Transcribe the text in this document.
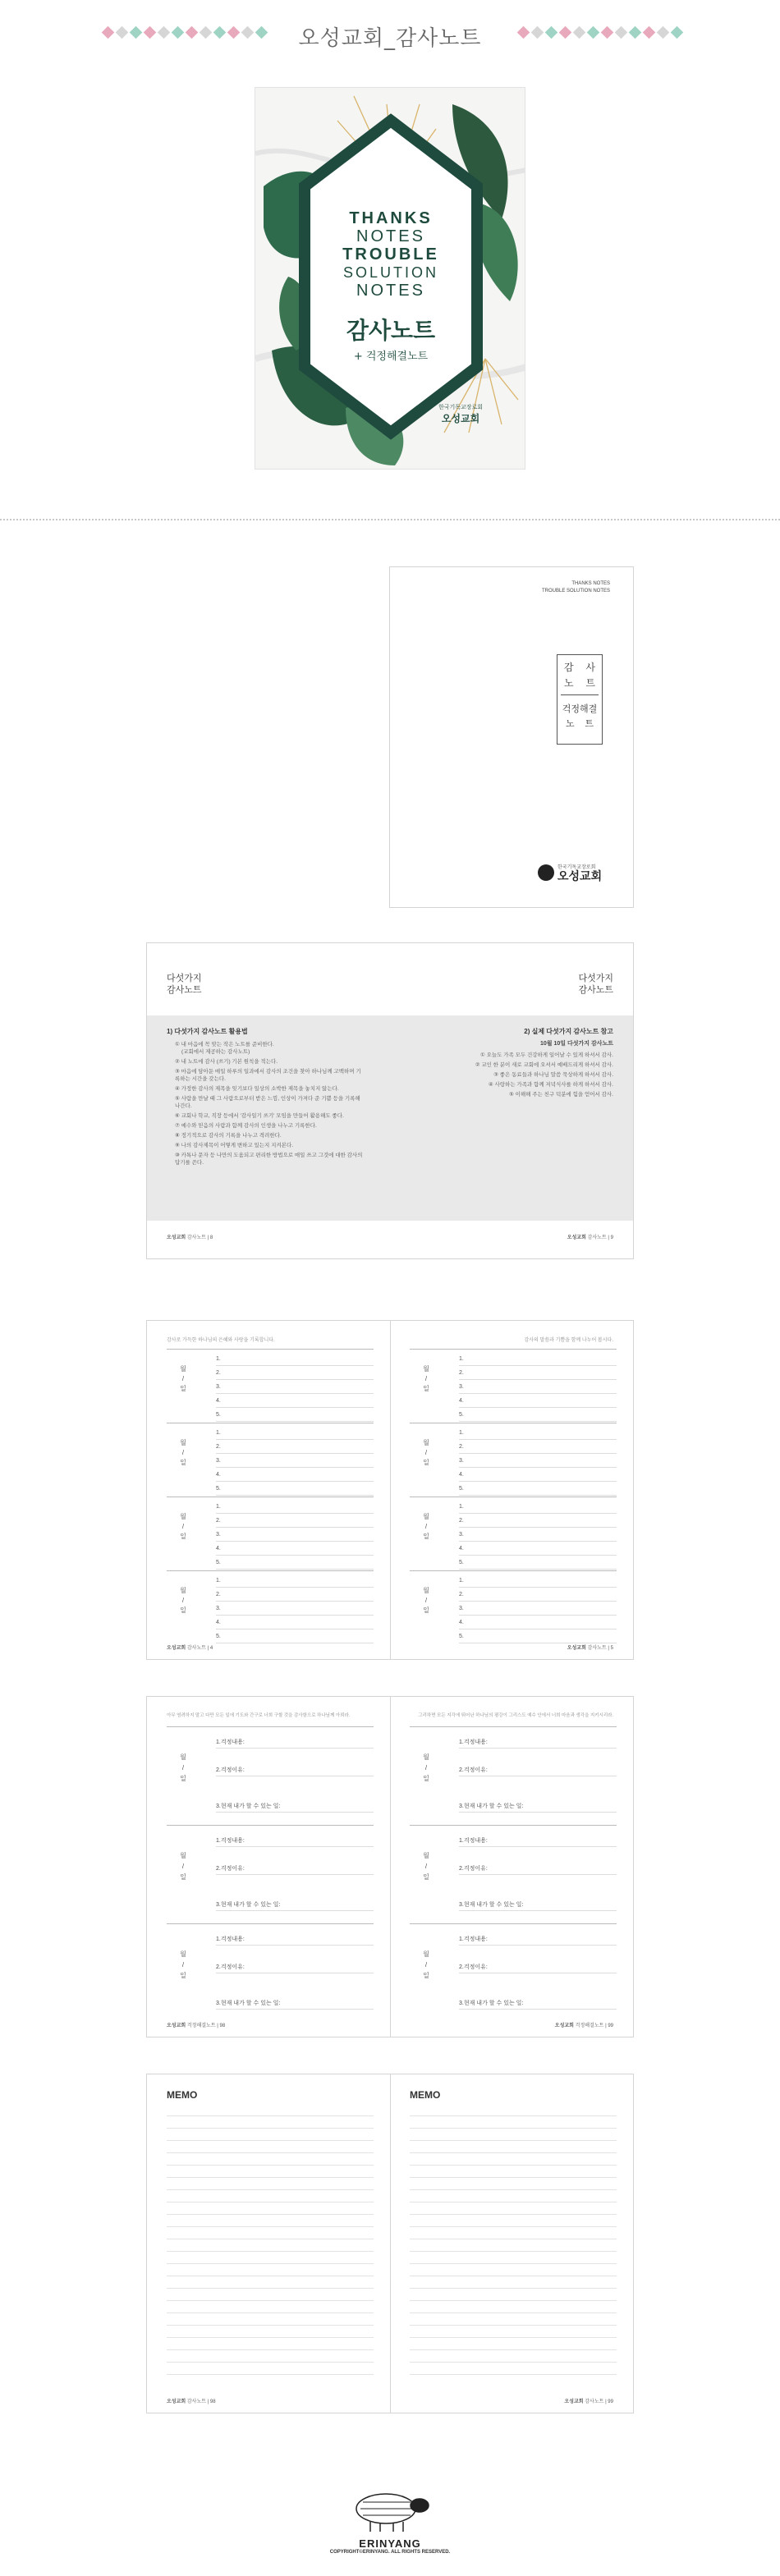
오성교회_감사노트
THANKS
NOTES
TROUBLE
SOLUTION
NOTES
감사노트
+ 걱정해결노트
한국기독교장로회
오성교회
THANKS NOTES
TROUBLE SOLUTION NOTES
감 사
노 트
걱정해결
노 트
한국기독교장로회
오성교회
다섯가지
감사노트
다섯가지
감사노트
1) 다섯가지 감사노트 활용법
① 내 마음에 꼭 맞는 작은 노트를 준비한다.
(교회에서 제공하는 감사노트)
② 내 노트에 감사 (쓰기) 기본 원칙을 적는다.
③ 마음에 담아둔 매일 하루의 일과에서 감사의 조건을 찾아 하나님께 고백하며 기록하는 시간을 갖는다.
④ 가정한 감사의 제목을 잊기보다 일상의 소박한 제목을 놓치지 않는다.
⑤ 사람을 만날 때 그 사람으로부터 받은 느낌, 인상이 가져다 준 기쁨 등을 기록해 나간다.
⑥ 교회나 학교, 직장 등에서 '감사일기 쓰기' 모임을 만들어 활용해도 좋다.
⑦ 예수와 믿음의 사람과 함께 감사의 인생을 나누고 기록한다.
⑧ 정기적으로 감사의 기록을 나누고 격려한다.
⑨ 나의 감사제목이 어떻게 변하고 있는지 지켜본다.
⑩ 카톡나 문자 등 나만의 도움되고 편리한 방법으로 매일 쓰고 그것에 대한 감사의 답기를 쓴다.
2) 실제 다섯가지 감사노트 참고
10월 10일 다섯가지 감사노트
① 오늘도 가족 모두 건강하게 일어날 수 있게 하셔서 감사.
② 교인 한 분이 새로 교회에 오셔서 예배드리게 하셔서 감사.
③ 좋은 동료들과 하나님 말씀 묵상하게 하셔서 감사.
④ 사랑하는 가족과 함께 저녁식사를 하게 하셔서 감사.
⑤ 이해해 주는 친구 덕분에 힘을 얻어서 감사.
오성교회 감사노트 | 8	오성교회 감사노트 | 9
감사로 가득한 하나님의 은혜와 사랑을 기록합니다.	감사의 말씀과 기쁨을 함께 나누어 봅시다.
월
/
일
1.
2.
3.
4.
5.
월
/
일
1.
2.
3.
4.
5.
월
/
일
1.
2.
3.
4.
5.
월
/
일
1.
2.
3.
4.
5.
월
/
일
1.
2.
3.
4.
5.
월
/
일
1.
2.
3.
4.
5.
월
/
일
1.
2.
3.
4.
5.
월
/
일
1.
2.
3.
4.
5.
오성교회 감사노트 | 4	오성교회 감사노트 | 5
아무 염려하지 말고 다만 모든 일에 기도와 간구로 너희 구할 것을 감사함으로 하나님께 아뢰라.	그리하면 모든 지각에 뛰어난 하나님의 평강이 그리스도 예수 안에서 너희 마음과 생각을 지키시리라.
월
/
일
1.걱정내용:
2.걱정이유:
3.현재 내가 할 수 있는 일:
월
/
일
1.걱정내용:
2.걱정이유:
3.현재 내가 할 수 있는 일:
월
/
일
1.걱정내용:
2.걱정이유:
3.현재 내가 할 수 있는 일:
월
/
일
1.걱정내용:
2.걱정이유:
3.현재 내가 할 수 있는 일:
월
/
일
1.걱정내용:
2.걱정이유:
3.현재 내가 할 수 있는 일:
월
/
일
1.걱정내용:
2.걱정이유:
3.현재 내가 할 수 있는 일:
오성교회 걱정해결노트 | 98	오성교회 걱정해결노트 | 99
MEMO	MEMO
오성교회 감사노트 | 98	오성교회 감사노트 | 99
ERINYANG
COPYRIGHT©ERINYANG. ALL RIGHTS RESERVED.
